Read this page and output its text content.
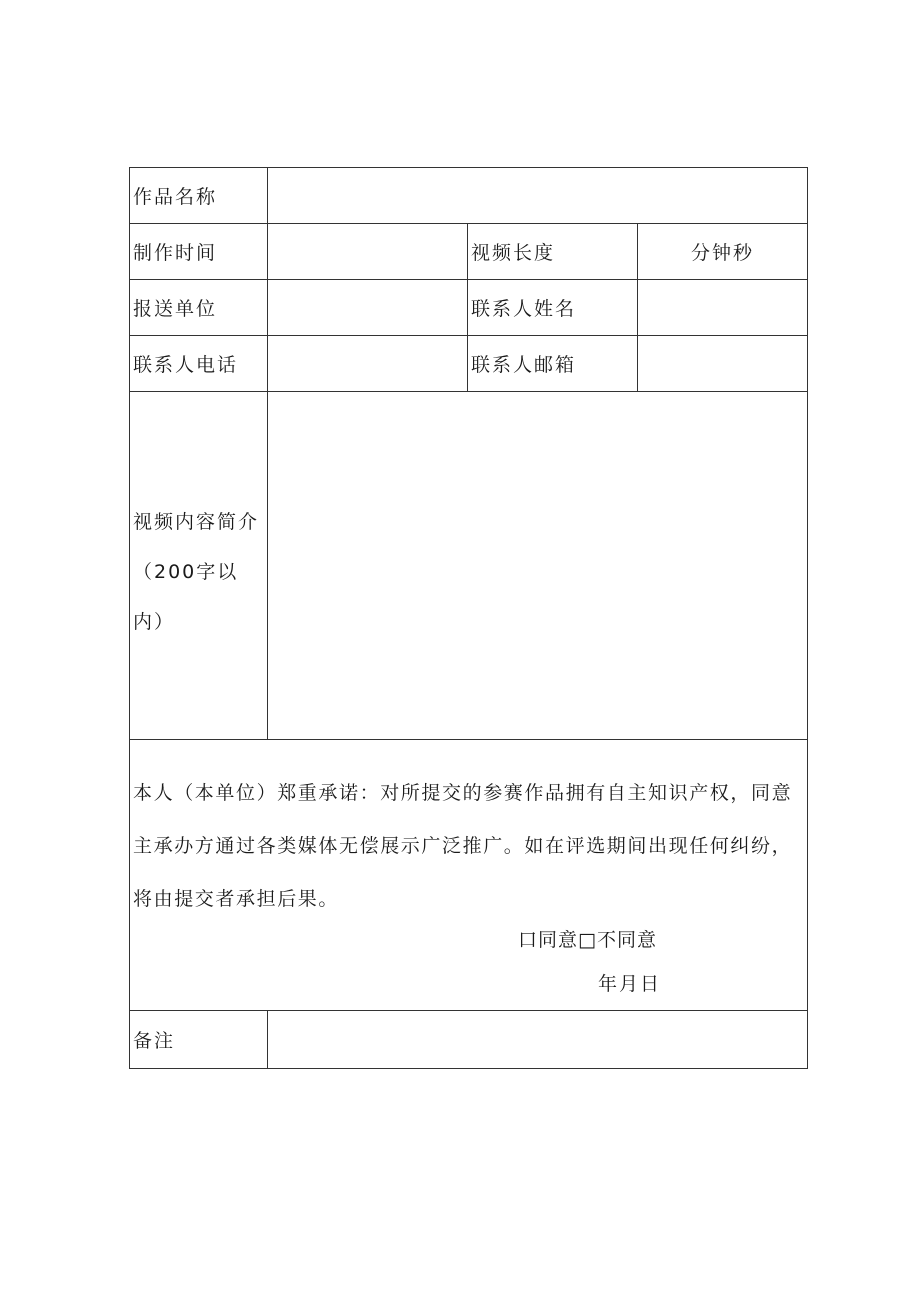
作品名称			
制作时间		视频长度	分钟秒
报送单位		联系人姓名	
联系人电话		联系人邮箱	

视频内容简介（200字以内）			

本人（本单位）郑重承诺：对所提交的参赛作品拥有自主知识产权，同意主承办方通过各类媒体无偿展示广泛推广。如在评选期间出现任何纠纷，将由提交者承担后果。
口同意□不同意
年月日			

备注			
